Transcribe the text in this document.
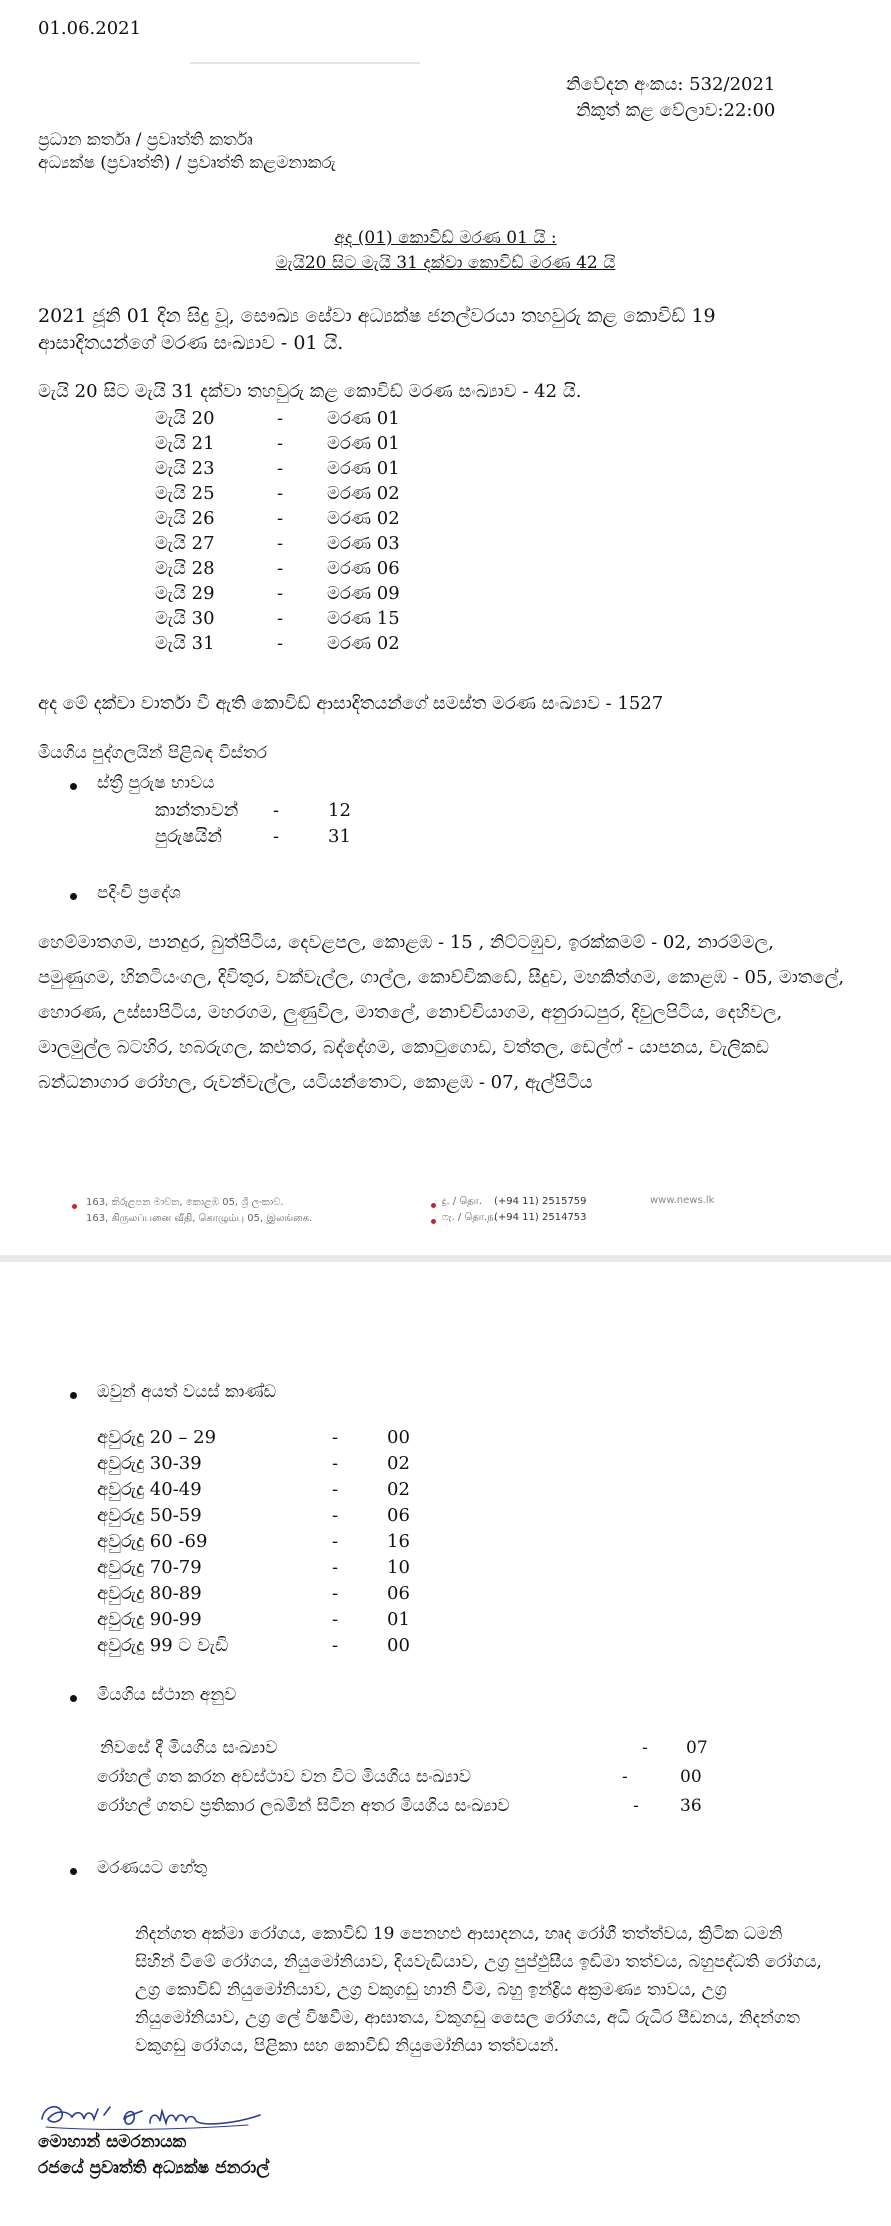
01.06.2021
නිවේදන අංකය: 532/2021
නිකුත් කළ වේලාව:22:00
ප්‍රධාන කර්තෘ / ප්‍රවෘත්ති කර්තෘ
අධ්‍යක්ෂ (ප්‍රවෘත්ති) / ප්‍රවෘත්ති කළමනාකරු
අද (01) කොවිඩ් මරණ 01 යි :
මැයි20 සිට මැයි 31 දක්වා කොවිඩ් මරණ 42 යි
2021 ජූනි 01 දින සිදු වූ, සෞඛ්‍ය සේවා අධ්‍යක්ෂ ජනල්වරයා තහවුරු කළ කොවිඩ් 19
ආසාදිතයන්ගේ මරණ සංඛ්‍යාව - 01 යි.
මැයි 20 සිට මැයි 31 දක්වා තහවුරු කළ කොවිඩ් මරණ සංඛ්‍යාව - 42 යි.
මැයි 20	-	මරණ 01
මැයි 21	-	මරණ 01
මැයි 23	-	මරණ 01
මැයි 25	-	මරණ 02
මැයි 26	-	මරණ 02
මැයි 27	-	මරණ 03
මැයි 28	-	මරණ 06
මැයි 29	-	මරණ 09
මැයි 30	-	මරණ 15
මැයි 31	-	මරණ 02
අද මේ දක්වා වාර්තා වී ඇති කොවිඩ් ආසාදිතයන්ගේ සමස්ත මරණ සංඛ්‍යාව - 1527
මියගිය පුද්ගලයින් පිළිබඳ විස්තර
ස්ත්‍රී පුරුෂ භාවය
කාන්තාවන්	-	12
පුරුෂයින්	-	31
පදිංචි ප්‍රදේශ
හෙම්මාතගම, පානදුර, බුත්පිටිය, දෙවළපල, කොළඹ - 15 , නිට්ටඹුව, ඉරක්කමම් - 02, නාරම්මල, පමුණුගම, හිනටියංගල, දිවිතුර, වක්වැල්ල, ගාල්ල, කොච්චිකඩේ, සීදුව, මහකිත්ගම, කොළඹ - 05, මාතලේ, හොරණ, උස්සාපිටිය, මහරගම, ලුණුවිල, මාතලේ, නොච්චියාගම, අනුරාධපුර, දිවුලපිටිය, දෙහිවල, මාලමුල්ල බටහිර, හබරුගල, කළුතර, බද්දේගම, කොටුගොඩ, වත්තල, ඩෙල්ෆ් - යාපනය, වැලිකඩ බන්ධනාගාර රෝහල, රුවන්වැල්ල, යටියන්තොට, කොළඹ - 07, ඇල්පිටිය
163, කිරුළපන මාවත, කොළඹ 05, ශ්‍රී ලංකාව.
163, கிருலப்பனை வீதி, கொழும்பு 05, இலங்கை.
දු. / தொ. (+94 11) 2515759
ෆැ. / தொ.ந.
(+94 11) 2514753
www.news.lk
ඔවුන් අයත් වයස් කාණ්ඩ
අවුරුදු 20 – 29	-	00
අවුරුදු 30-39	-	02
අවුරුදු 40-49	-	02
අවුරුදු 50-59	-	06
අවුරුදු 60 -69	-	16
අවුරුදු 70-79	-	10
අවුරුදු 80-89	-	06
අවුරුදු 90-99	-	01
අවුරුදු 99 ට වැඩි	-	00
මියගිය ස්ථාන අනුව
නිවසේ දී මියගිය සංඛ්‍යාව	-	07
රෝහල් ගත කරන අවස්ථාව වන විට මියගිය සංඛ්‍යාව	-	00
රෝහල් ගතව ප්‍රතිකාර ලබමින් සිටින අතර මියගිය සංඛ්‍යාව	-	36
මරණයට හේතු
නිදන්ගත අක්මා රෝගය, කොවිඩ් 19 පෙනහළු ආසාදනය, හෘද රෝගී තත්ත්වය, ක්‍රිටික ධමනි සිහින් වීමේ රෝගය, නියුමෝනියාව, දියවැඩියාව, උග්‍ර පුප්ඵුසීය ඉඩිමා තත්වය, බහුපද්ධති රෝගය, උග්‍ර කොවිඩ් නියුමෝනියාව, උග්‍ර වකුගඩු හානි වීම, බහු ඉන්ද්‍රිය අක්‍රමණ්‍ය තාවය, උග්‍ර නියුමෝනියාව, උග්‍ර ලේ විෂවීම, ආඝාතය, වකුගඩු සෛල රෝගය, අධි රුධිර පීඩනය, නිදන්ගත වකුගඩු රෝගය, පිළිකා සහ කොවිඩ් නියුමෝනියා තත්වයන්.
මොහාන් සමරනායක
රජයේ ප්‍රවෘත්ති අධ්‍යක්ෂ ජනරාල්
